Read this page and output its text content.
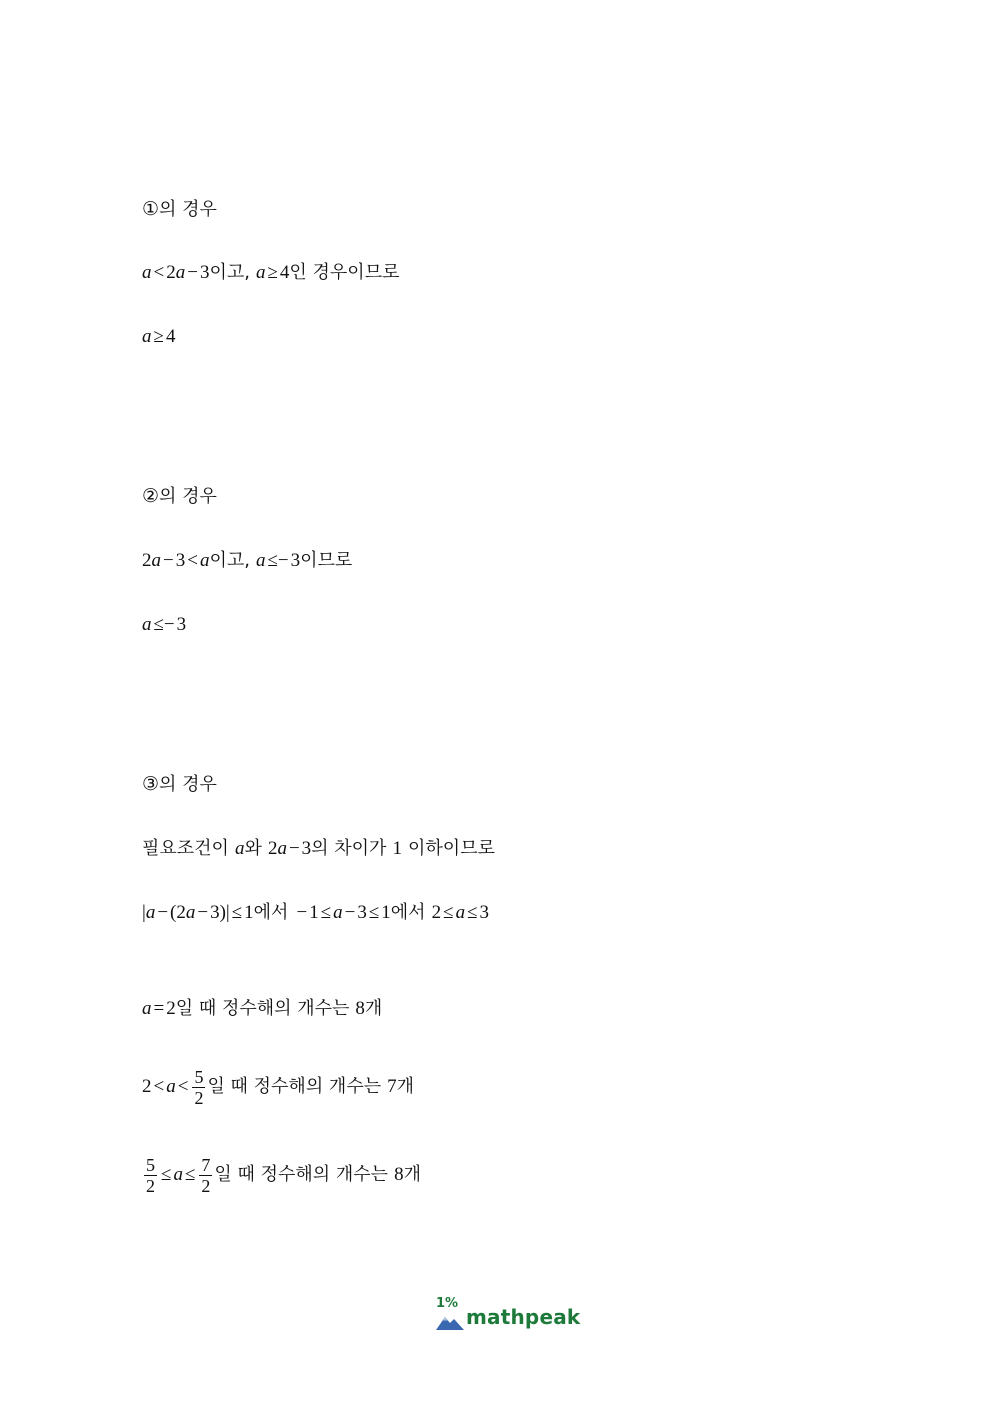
①의 경우
a < 2a − 3이고, a ≥ 4인 경우이므로
a ≥ 4
②의 경우
2a − 3 < a이고, a ≤− 3이므로
a ≤− 3
③의 경우
필요조건이 a와 2a − 3의 차이가 1 이하이므로
|a − (2a − 3)| ≤ 1에서 − 1 ≤ a − 3 ≤ 1에서 2 ≤ a ≤ 3
a = 2일 때 정수해의 개수는 8개
$2 < a < \frac{5}{2}$ 일 때 정수해의 개수는 7개
$\frac{5}{2} \le a \le \frac{7}{2}$ 일 때 정수해의 개수는 8개
1%
mathpeak
